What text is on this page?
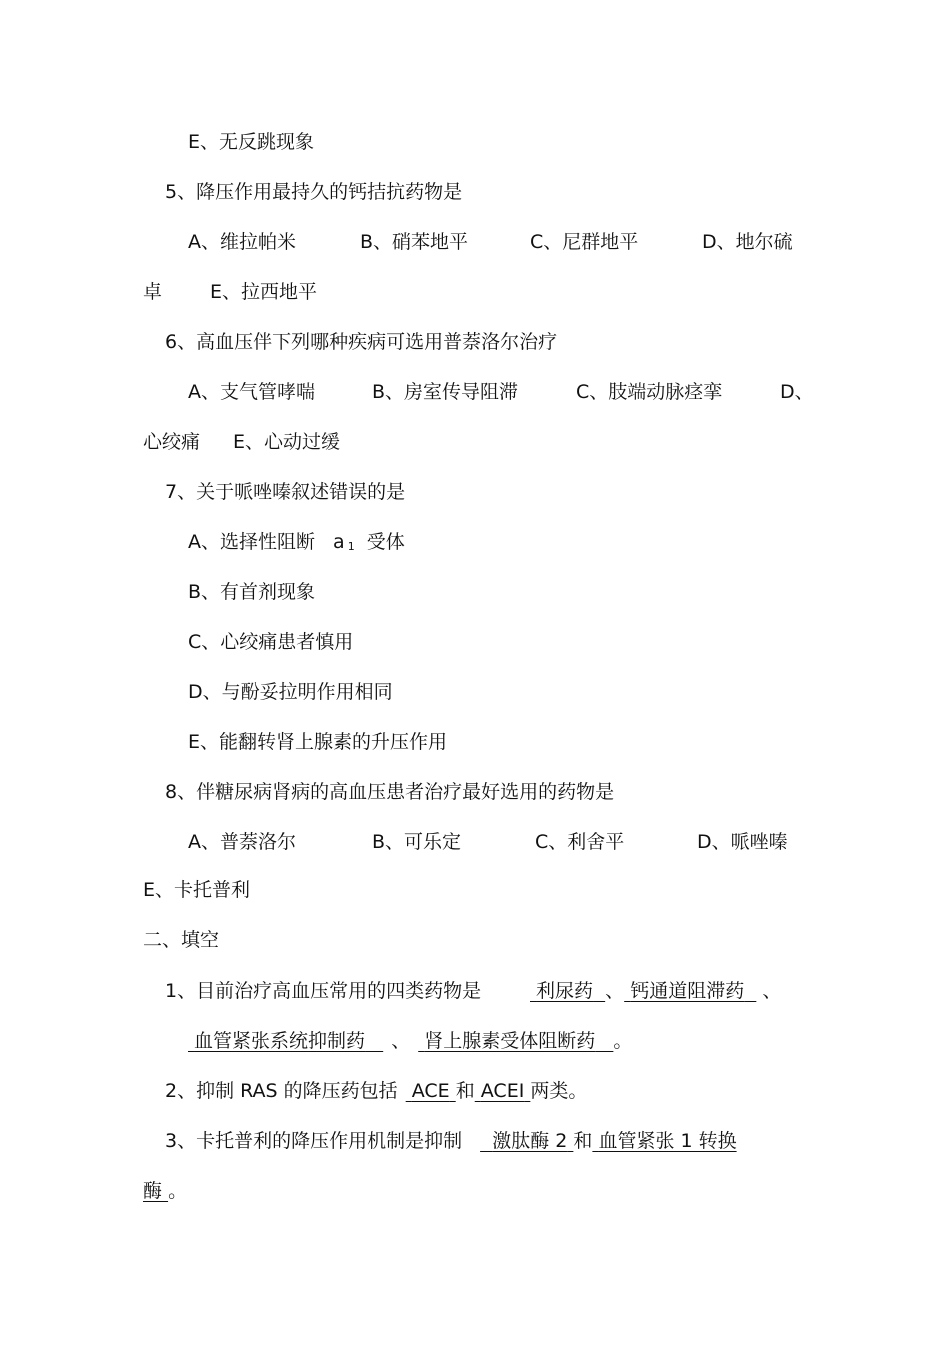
E、无反跳现象
5、降压作用最持久的钙拮抗药物是
A、维拉帕米	B、硝苯地平	C、尼群地平	D、地尔硫
卓	E、拉西地平
6、高血压伴下列哪种疾病可选用普萘洛尔治疗
A、支气管哮喘	B、房室传导阻滞	C、肢端动脉痉挛	D、
心绞痛 E、心动过缓
7、关于哌唑嗪叙述错误的是
A、选择性阻断 a 1 受体
B、有首剂现象
C、心绞痛患者慎用
D、与酚妥拉明作用相同
E、能翻转肾上腺素的升压作用
8、伴糖尿病肾病的高血压患者治疗最好选用的药物是
A、普萘洛尔	B、可乐定	C、利舍平	D、哌唑嗪
E、卡托普利
二、填空
1、目前治疗高血压常用的四类药物是	利尿药 、 钙通道阻滞药 、
血管紧张系统抑制药 、 肾上腺素受体阻断药 。
2、抑制 RAS 的降压药包括 ACE 和 ACEI 两类。
3、卡托普利的降压作用机制是抑制 激肽酶 2 和 血管紧张 1 转换
酶 。
